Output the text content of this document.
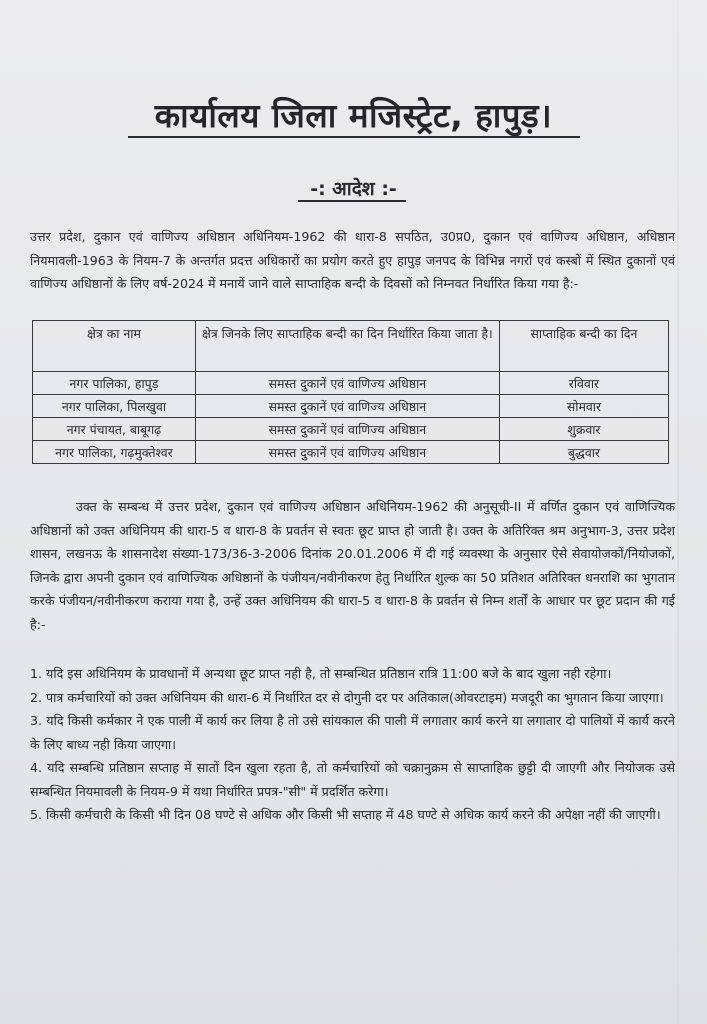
कार्यालय जिला मजिस्ट्रेट, हापुड़।
-: आदेश :-
उत्तर प्रदेश, दुकान एवं वाणिज्य अधिष्ठान अधिनियम-1962 की धारा-8 सपठित, उ0प्र0, दुकान एवं वाणिज्य अधिष्ठान, अधिष्ठान नियमावली-1963 के नियम-7 के अन्तर्गत प्रदत्त अधिकारों का प्रयोग करते हुए हापुड़ जनपद के विभिन्न नगरों एवं कस्बों में स्थित दुकानों एवं वाणिज्य अधिष्ठानों के लिए वर्ष-2024 में मनायें जाने वाले साप्ताहिक बन्दी के दिवसों को निम्नवत निर्धारित किया गया है:-
क्षेत्र का नाम	क्षेत्र जिनके लिए साप्ताहिक बन्दी का दिन निर्धारित किया जाता है।	साप्ताहिक बन्दी का दिन
नगर पालिका, हापुड़	समस्त दुकानें एवं वाणिज्य अधिष्ठान	रविवार
नगर पालिका, पिलखुवा	समस्त दुकानें एवं वाणिज्य अधिष्ठान	सोमवार
नगर पंचायत, बाबूगढ़	समस्त दुकानें एवं वाणिज्य अधिष्ठान	शुक्रवार
नगर पालिका, गढ़मुक्तेश्वर	समस्त दुकानें एवं वाणिज्य अधिष्ठान	बुद्धवार
उक्त के सम्बन्ध में उत्तर प्रदेश, दुकान एवं वाणिज्य अधिष्ठान अधिनियम-1962 की अनुसूची-II में वर्णित दुकान एवं वाणिज्यिक अधिष्ठानों को उक्त अधिनियम की धारा-5 व धारा-8 के प्रवर्तन से स्वतः छूट प्राप्त हो जाती है। उक्त के अतिरिक्त श्रम अनुभाग-3, उत्तर प्रदेश शासन, लखनऊ के शासनादेश संख्या-173/36-3-2006 दिनांक 20.01.2006 में दी गई व्यवस्था के अनुसार ऐसे सेवायोजकों/नियोजकों, जिनके द्वारा अपनी दुकान एवं वाणिज्यिक अधिष्ठानों के पंजीयन/नवीनीकरण हेतु निर्धारित शुल्क का 50 प्रतिशत अतिरिक्त धनराशि का भुगतान करके पंजीयन/नवीनीकरण कराया गया है, उन्हें उक्त अधिनियम की धारा-5 व धारा-8 के प्रवर्तन से निम्न शर्तों के आधार पर छूट प्रदान की गई है:-
1. यदि इस अधिनियम के प्रावधानों में अन्यथा छूट प्राप्त नही है, तो सम्बन्धित प्रतिष्ठान रात्रि 11:00 बजे के बाद खुला नही रहेगा।
2. पात्र कर्मचारियों को उक्त अधिनियम की धारा-6 में निर्धारित दर से दोगुनी दर पर अतिकाल(ओवरटाइम) मजदूरी का भुगतान किया जाएगा।
3. यदि किसी कर्मकार ने एक पाली में कार्य कर लिया है तो उसे सांयकाल की पाली में लगातार कार्य करने या लगातार दो पालियों में कार्य करने के लिए बाध्य नही किया जाएगा।
4. यदि सम्बन्धि प्रतिष्ठान सप्ताह में सातों दिन खुला रहता है, तो कर्मचारियों को चक्रानुक्रम से साप्ताहिक छुट्टी दी जाएगी और नियोजक उसे सम्बन्धित नियमावली के नियम-9 में यथा निर्धारित प्रपत्र-"सी" में प्रदर्शित करेगा।
5. किसी कर्मचारी के किसी भी दिन 08 घण्टे से अधिक और किसी भी सप्ताह में 48 घण्टे से अधिक कार्य करने की अपेक्षा नहीं की जाएगी।
